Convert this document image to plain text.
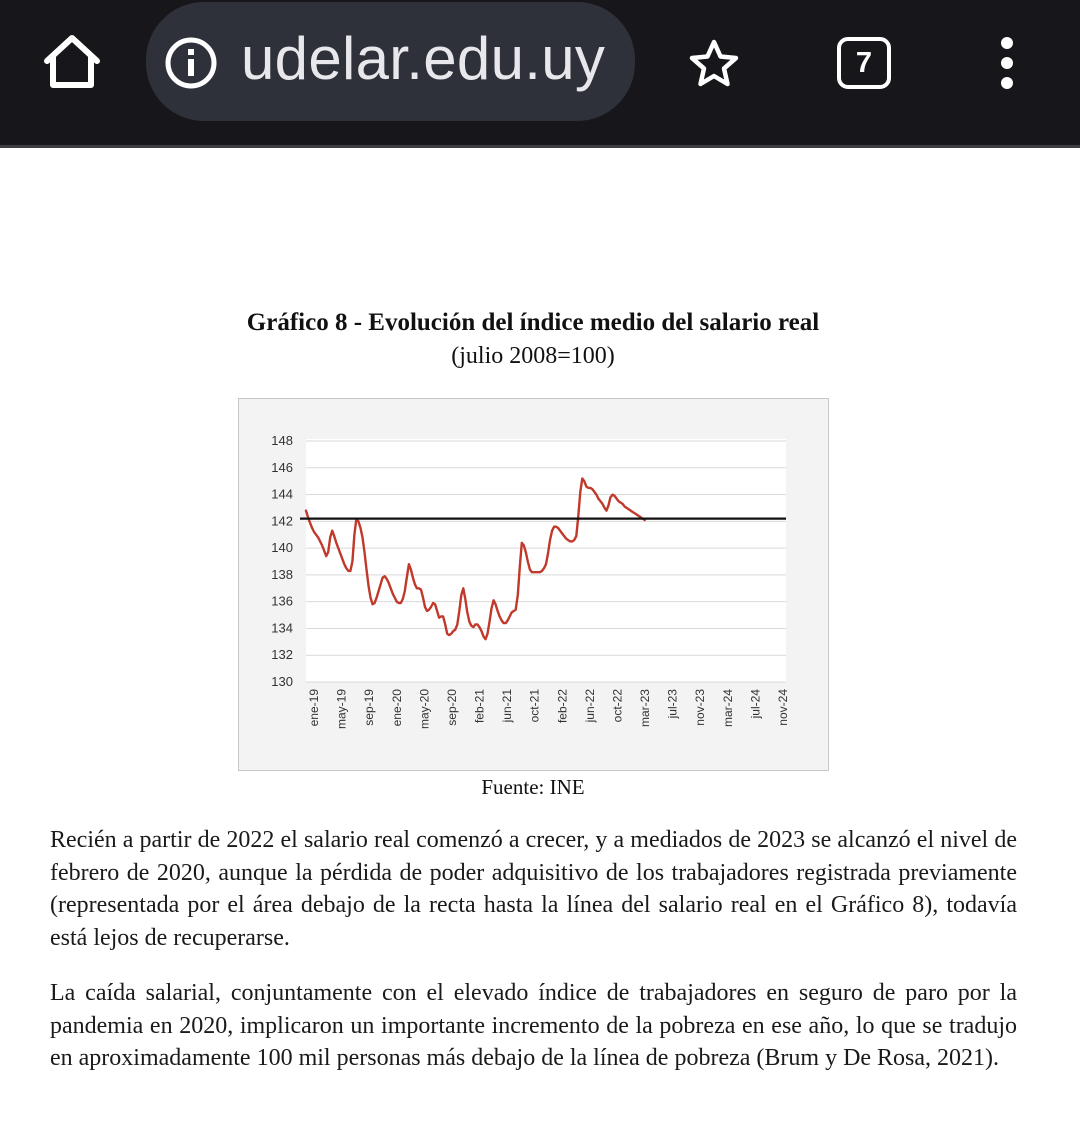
udelar.edu.uy	7
Gráfico 8 - Evolución del índice medio del salario real
(julio 2008=100)
130
132
134
136
138
140
142
144
146
148
ene-19 may-19 sep-19 ene-20 may-20 sep-20 feb-21 jun-21 oct-21 feb-22 jun-22 oct-22 mar-23 jul-23 nov-23 mar-24 jul-24 nov-24
Fuente: INE

Recién a partir de 2022 el salario real comenzó a crecer, y a mediados de 2023 se alcanzó el nivel de febrero de 2020, aunque la pérdida de poder adquisitivo de los trabajadores registrada previamente (representada por el área debajo de la recta hasta la línea del salario real en el Gráfico 8), todavía está lejos de recuperarse.

La caída salarial, conjuntamente con el elevado índice de trabajadores en seguro de paro por la pandemia en 2020, implicaron un importante incremento de la pobreza en ese año, lo que se tradujo en aproximadamente 100 mil personas más debajo de la línea de pobreza (Brum y De Rosa, 2021).
